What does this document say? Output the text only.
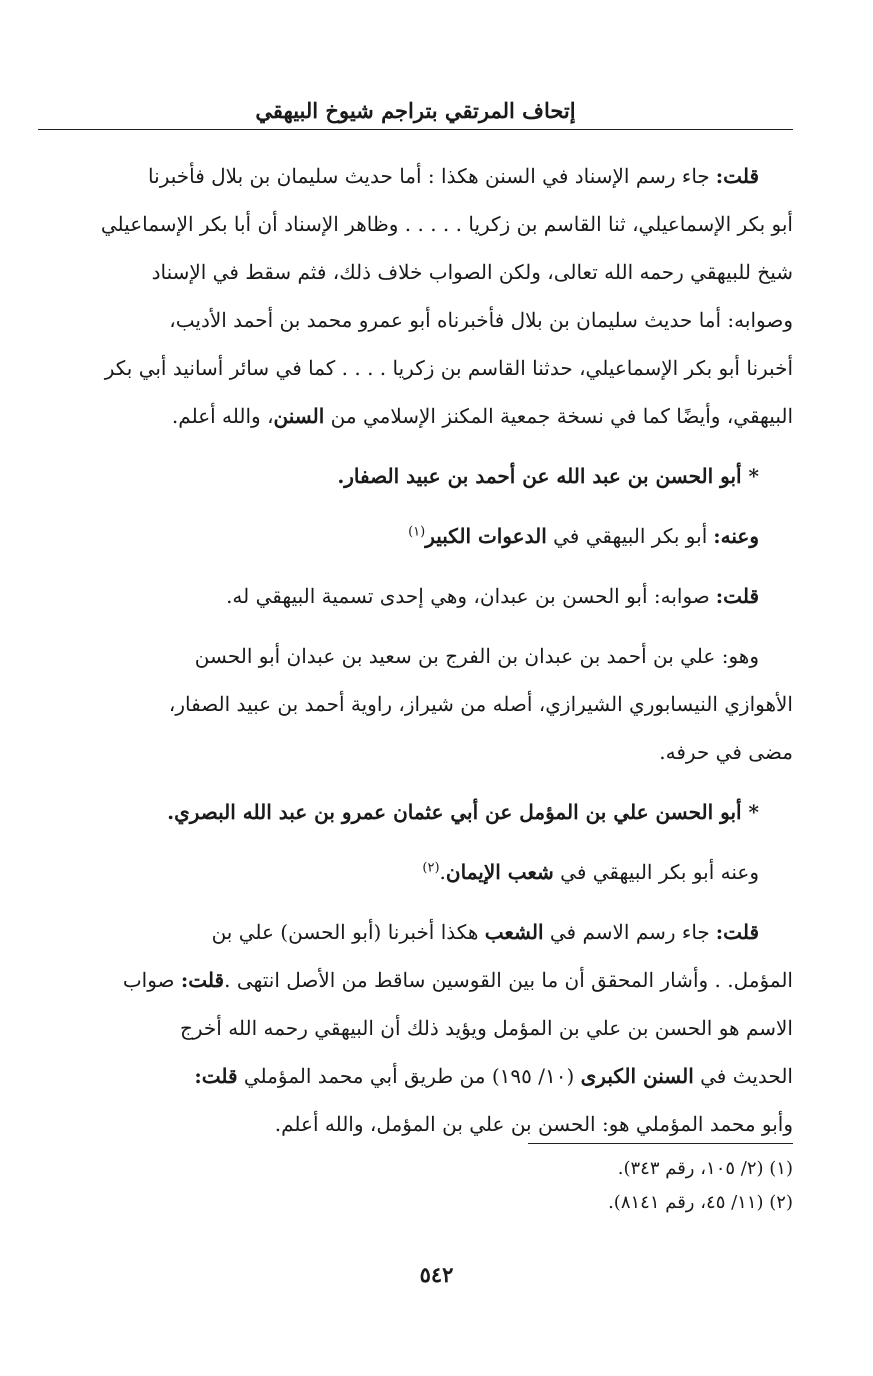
إتحاف المرتقي بتراجم شيوخ البيهقي
قلت:جاء رسم الإسناد في السنن هكذا : أما حديث سليمان بن بلال فأخبرنا
أبو بكر الإسماعيلي، ثنا القاسم بن زكريا . . . . . وظاهر الإسناد أن أبا بكر الإسماعيلي
شيخ للبيهقي رحمه الله تعالى، ولكن الصواب خلاف ذلك، فثم سقط في الإسناد
وصوابه: أما حديث سليمان بن بلال فأخبرناه أبو عمرو محمد بن أحمد الأديب،
أخبرنا أبو بكر الإسماعيلي، حدثنا القاسم بن زكريا . . . . كما في سائر أسانيد أبي بكر
البيهقي، وأيضًا كما في نسخة جمعية المكنز الإسلامي من السنن، والله أعلم.
* أبو الحسن بن عبد الله عن أحمد بن عبيد الصفار.
وعنه:أبو بكر البيهقي في الدعوات الكبير$^{(١)}$
قلت:صوابه: أبو الحسن بن عبدان، وهي إحدى تسمية البيهقي له.
وهو: علي بن أحمد بن عبدان بن الفرج بن سعيد بن عبدان أبو الحسن
الأهوازي النيسابوري الشيرازي، أصله من شيراز، راوية أحمد بن عبيد الصفار،
مضى في حرفه.
* أبو الحسن علي بن المؤمل عن أبي عثمان عمرو بن عبد الله البصري.
وعنه أبو بكر البيهقي في شعب الإيمان.$^{(٢)}$
قلت:جاء رسم الاسم في الشعب هكذا أخبرنا (أبو الحسن) علي بن
المؤمل. . وأشار المحقق أن ما بين القوسين ساقط من الأصل انتهى .قلت: صواب
الاسم هو الحسن بن علي بن المؤمل ويؤيد ذلك أن البيهقي رحمه الله أخرج
الحديث في السنن الكبرى (١٠/ ١٩٥) من طريق أبي محمد المؤملي قلت:
وأبو محمد المؤملي هو: الحسن بن علي بن المؤمل، والله أعلم.
(١) (٢/ ١٠٥، رقم ٣٤٣).
(٢) (١١/ ٤٥، رقم ٨١٤١).
٥٤٢
